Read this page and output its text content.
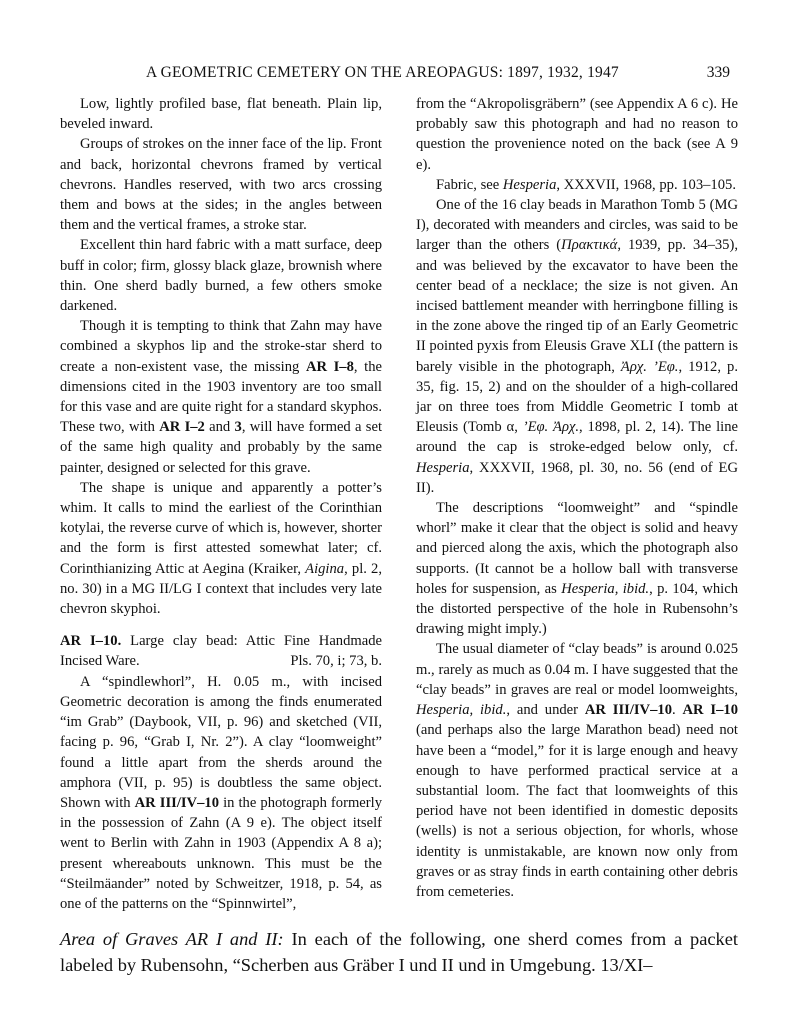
A GEOMETRIC CEMETERY ON THE AREOPAGUS: 1897, 1932, 1947	339

Low, lightly profiled base, flat beneath. Plain lip, beveled inward.

Groups of strokes on the inner face of the lip. Front and back, horizontal chevrons framed by vertical chevrons. Handles reserved, with two arcs crossing them and bows at the sides; in the angles between them and the vertical frames, a stroke star.

Excellent thin hard fabric with a matt surface, deep buff in color; firm, glossy black glaze, brownish where thin. One sherd badly burned, a few others smoke darkened.

Though it is tempting to think that Zahn may have combined a skyphos lip and the stroke-star sherd to create a non-existent vase, the missing AR I–8, the dimensions cited in the 1903 inventory are too small for this vase and are quite right for a standard skyphos. These two, with AR I–2 and 3, will have formed a set of the same high quality and probably by the same painter, designed or selected for this grave.

The shape is unique and apparently a potter’s whim. It calls to mind the earliest of the Corinthian kotylai, the reverse curve of which is, however, shorter and the form is first attested somewhat later; cf. Corinthianizing Attic at Aegina (Kraiker, Aigina, pl. 2, no. 30) in a MG II/LG I context that includes very late chevron skyphoi.

AR I–10. Large clay bead: Attic Fine Handmade Incised Ware.	Pls. 70, i; 73, b.

A “spindlewhorl”, H. 0.05 m., with incised Geometric decoration is among the finds enumerated “im Grab” (Daybook, VII, p. 96) and sketched (VII, facing p. 96, “Grab I, Nr. 2”). A clay “loomweight” found a little apart from the sherds around the amphora (VII, p. 95) is doubtless the same object. Shown with AR III/IV–10 in the photograph formerly in the possession of Zahn (A 9 e). The object itself went to Berlin with Zahn in 1903 (Appendix A 8 a); present whereabouts unknown. This must be the “Steilmäander” noted by Schweitzer, 1918, p. 54, as one of the patterns on the “Spinnwirtel”,

from the “Akropolisgräbern” (see Appendix A 6 c). He probably saw this photograph and had no reason to question the provenience noted on the back (see A 9 e).

Fabric, see Hesperia, XXXVII, 1968, pp. 103–105.

One of the 16 clay beads in Marathon Tomb 5 (MG I), decorated with meanders and circles, was said to be larger than the others (Πρακτικά, 1939, pp. 34–35), and was believed by the excavator to have been the center bead of a necklace; the size is not given. An incised battlement meander with herringbone filling is in the zone above the ringed tip of an Early Geometric II pointed pyxis from Eleusis Grave XLI (the pattern is barely visible in the photograph, Ἀρχ. ’Εφ., 1912, p. 35, fig. 15, 2) and on the shoulder of a high-collared jar on three toes from Middle Geometric I tomb at Eleusis (Tomb α, ’Εφ. Ἀρχ., 1898, pl. 2, 14). The line around the cap is stroke-edged below only, cf. Hesperia, XXXVII, 1968, pl. 30, no. 56 (end of EG II).

The descriptions “loomweight” and “spindle whorl” make it clear that the object is solid and heavy and pierced along the axis, which the photograph also supports. (It cannot be a hollow ball with transverse holes for suspension, as Hesperia, ibid., p. 104, which the distorted perspective of the hole in Rubensohn’s drawing might imply.)

The usual diameter of “clay beads” is around 0.025 m., rarely as much as 0.04 m. I have suggested that the “clay beads” in graves are real or model loomweights, Hesperia, ibid., and under AR III/IV–10. AR I–10 (and perhaps also the large Marathon bead) need not have been a “model,” for it is large enough and heavy enough to have performed practical service at a substantial loom. The fact that loomweights of this period have not been identified in domestic deposits (wells) is not a serious objection, for whorls, whose identity is unmistakable, are known now only from graves or as stray finds in earth containing other debris from cemeteries.

Area of Graves AR I and II: In each of the following, one sherd comes from a packet labeled by Rubensohn, “Scherben aus Gräber I und II und in Umgebung. 13/XI–
